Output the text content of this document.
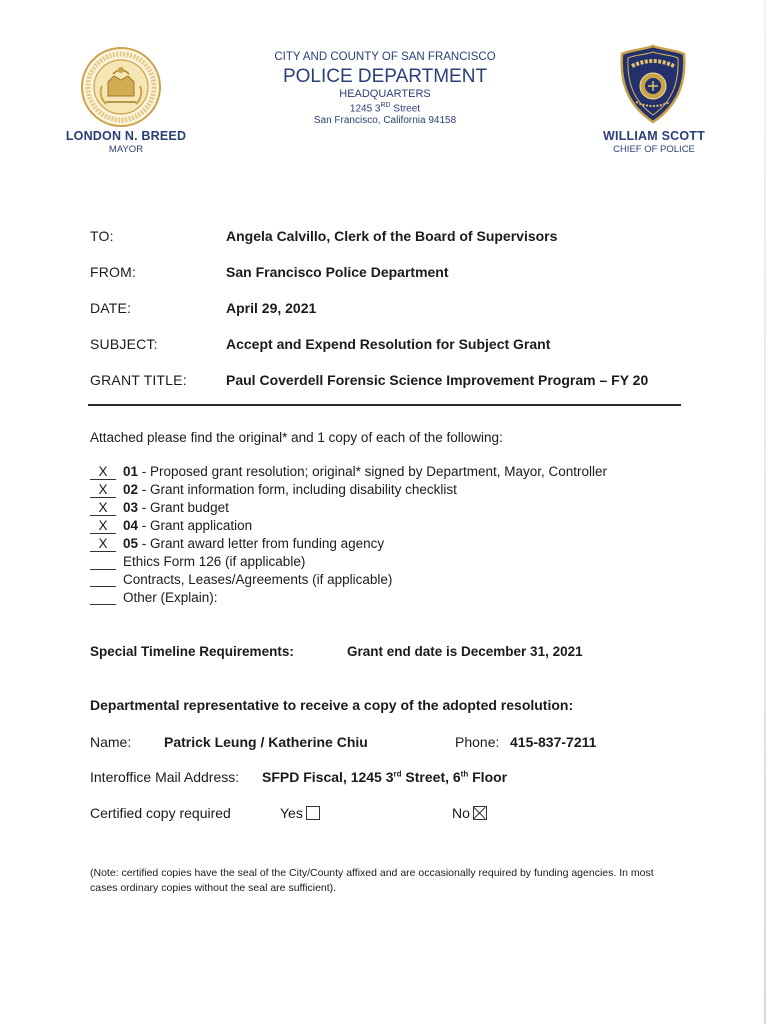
CITY AND COUNTY OF SAN FRANCISCO
POLICE DEPARTMENT
HEADQUARTERS
1245 3RD Street
San Francisco, California 94158
LONDON N. BREED
MAYOR
WILLIAM SCOTT
CHIEF OF POLICE
TO:	Angela Calvillo, Clerk of the Board of Supervisors
FROM:	San Francisco Police Department
DATE:	April 29, 2021
SUBJECT:	Accept and Expend Resolution for Subject Grant
GRANT TITLE:	Paul Coverdell Forensic Science Improvement Program – FY 20
Attached please find the original* and 1 copy of each of the following:
X	01 - Proposed grant resolution; original* signed by Department, Mayor, Controller
X	02 - Grant information form, including disability checklist
X	03 - Grant budget
X	04 - Grant application
X	05 - Grant award letter from funding agency
Ethics Form 126 (if applicable)
Contracts, Leases/Agreements (if applicable)
Other (Explain):
Special Timeline Requirements:	Grant end date is December 31, 2021
Departmental representative to receive a copy of the adopted resolution:
Name: Patrick Leung / Katherine Chiu	Phone: 415-837-7211
Interoffice Mail Address: SFPD Fiscal, 1245 3rd Street, 6th Floor
Certified copy required	Yes	No
(Note: certified copies have the seal of the City/County affixed and are occasionally required by funding agencies. In most cases ordinary copies without the seal are sufficient).
